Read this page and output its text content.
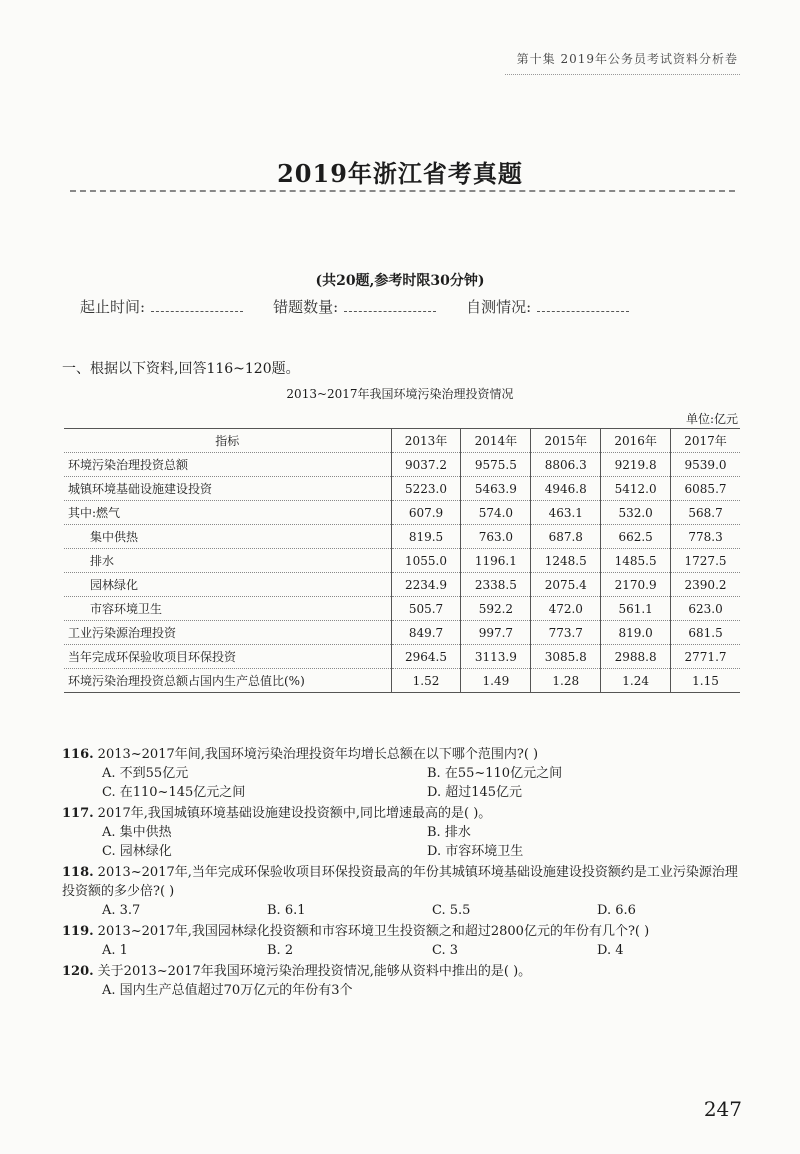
第十集 2019年公务员考试资料分析卷
2019年浙江省考真题
(共20题,参考时限30分钟)
起止时间:	错题数量:	自测情况:
一、根据以下资料,回答116~120题。
2013~2017年我国环境污染治理投资情况
单位:亿元
指标	2013年	2014年	2015年	2016年	2017年
环境污染治理投资总额	9037.2	9575.5	8806.3	9219.8	9539.0
城镇环境基础设施建设投资	5223.0	5463.9	4946.8	5412.0	6085.7
其中:燃气	607.9	574.0	463.1	532.0	568.7
集中供热	819.5	763.0	687.8	662.5	778.3
排水	1055.0	1196.1	1248.5	1485.5	1727.5
园林绿化	2234.9	2338.5	2075.4	2170.9	2390.2
市容环境卫生	505.7	592.2	472.0	561.1	623.0
工业污染源治理投资	849.7	997.7	773.7	819.0	681.5
当年完成环保验收项目环保投资	2964.5	3113.9	3085.8	2988.8	2771.7
环境污染治理投资总额占国内生产总值比(%)	1.52	1.49	1.28	1.24	1.15
116. 2013~2017年间,我国环境污染治理投资年均增长总额在以下哪个范围内?( )
A. 不到55亿元	B. 在55~110亿元之间
C. 在110~145亿元之间	D. 超过145亿元
117. 2017年,我国城镇环境基础设施建设投资额中,同比增速最高的是( )。
A. 集中供热	B. 排水
C. 园林绿化	D. 市容环境卫生
118. 2013~2017年,当年完成环保验收项目环保投资最高的年份其城镇环境基础设施建设投资额约是工业污染源治理投资额的多少倍?( )
A. 3.7	B. 6.1	C. 5.5	D. 6.6
119. 2013~2017年,我国园林绿化投资额和市容环境卫生投资额之和超过2800亿元的年份有几个?( )
A. 1	B. 2	C. 3	D. 4
120. 关于2013~2017年我国环境污染治理投资情况,能够从资料中推出的是( )。
A. 国内生产总值超过70万亿元的年份有3个
247
